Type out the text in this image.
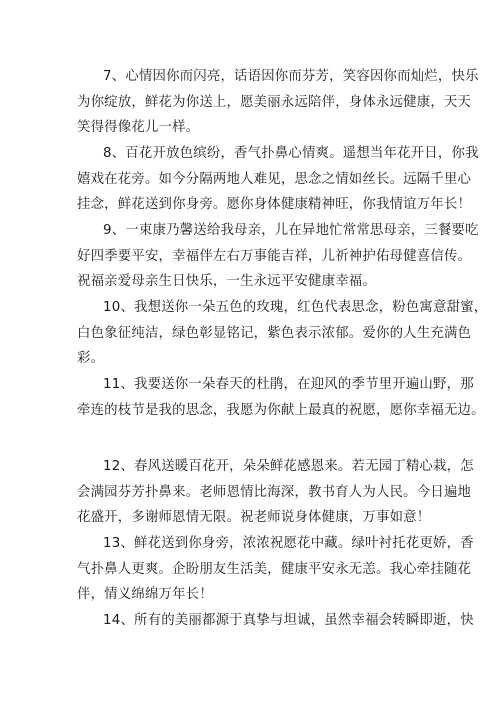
7、心情因你而闪亮，话语因你而芬芳，笑容因你而灿烂，快乐
为你绽放，鲜花为你送上，愿美丽永远陪伴，身体永远健康，天天
笑得得像花儿一样。
8、百花开放色缤纷，香气扑鼻心情爽。遥想当年花开日，你我
嬉戏在花旁。如今分隔两地人难见，思念之情如丝长。远隔千里心
挂念，鲜花送到你身旁。愿你身体健康精神旺，你我情谊万年长！
9、一束康乃馨送给我母亲，儿在异地忙常常思母亲，三餐要吃
好四季要平安，幸福伴左右万事能吉祥，儿祈神护佑母健喜信传。
祝福亲爱母亲生日快乐，一生永远平安健康幸福。
10、我想送你一朵五色的玫瑰，红色代表思念，粉色寓意甜蜜，
白色象征纯洁，绿色彰显铭记，紫色表示浓郁。爱你的人生充满色
彩。
11、我要送你一朵春天的杜鹃，在迎风的季节里开遍山野，那
牵连的枝节是我的思念，我愿为你献上最真的祝愿，愿你幸福无边。
12、春风送暖百花开，朵朵鲜花感恩来。若无园丁精心栽，怎
会满园芬芳扑鼻来。老师恩情比海深，教书育人为人民。今日遍地
花盛开，多谢师恩情无限。祝老师说身体健康，万事如意！
13、鲜花送到你身旁，浓浓祝愿花中藏。绿叶衬托花更娇，香
气扑鼻人更爽。企盼朋友生活美，健康平安永无恙。我心牵挂随花
伴，情义绵绵万年长！
14、所有的美丽都源于真挚与坦诚，虽然幸福会转瞬即逝，快
